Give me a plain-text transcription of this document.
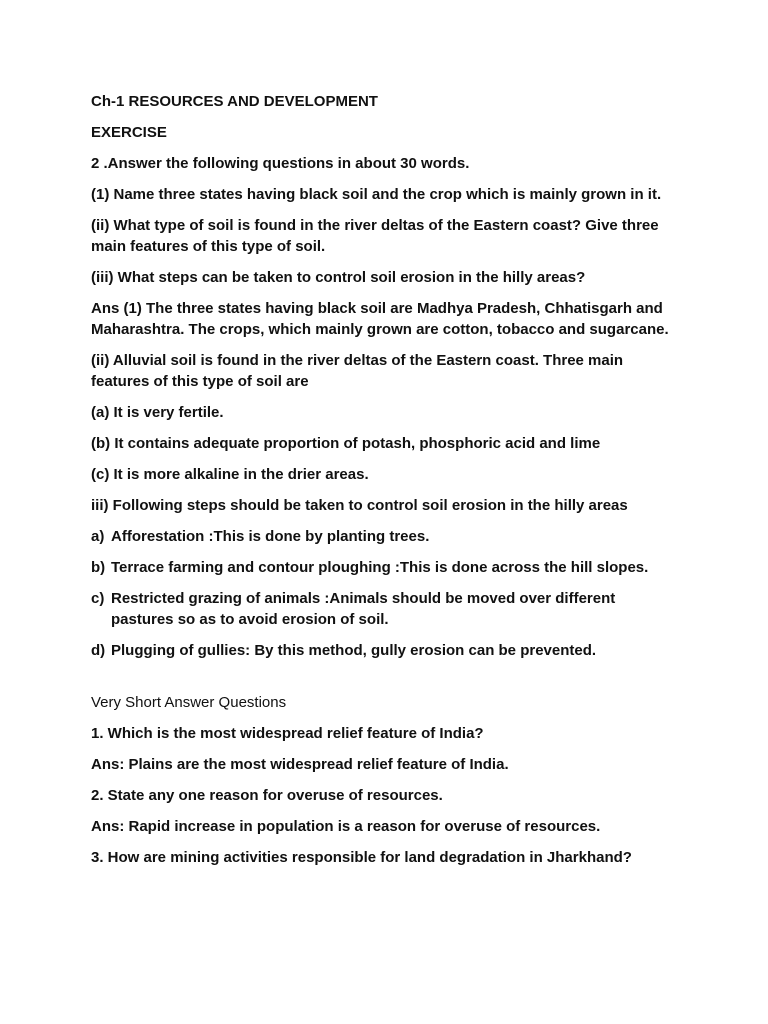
Ch-1 RESOURCES AND DEVELOPMENT
EXERCISE
2 .Answer the following questions in about 30 words.
(1) Name three states having black soil and the crop which is mainly grown in it.
(ii) What type of soil is found in the river deltas of the Eastern coast? Give three
main features of this type of soil.
(iii) What steps can be taken to control soil erosion in the hilly areas?
Ans (1) The three states having black soil are Madhya Pradesh, Chhatisgarh and
Maharashtra. The crops, which mainly grown are cotton, tobacco and sugarcane.
(ii) Alluvial soil is found in the river deltas of the Eastern coast. Three main
features of this type of soil are
(a) It is very fertile.
(b) It contains adequate proportion of potash, phosphoric acid and lime
(c) It is more alkaline in the drier areas.
iii) Following steps should be taken to control soil erosion in the hilly areas
a) Afforestation :This is done by planting trees.
b) Terrace farming and contour ploughing :This is done across the hill slopes.
c) Restricted grazing of animals :Animals should be moved over different
pastures so as to avoid erosion of soil.
d) Plugging of gullies: By this method, gully erosion can be prevented.
Very Short Answer Questions
1. Which is the most widespread relief feature of India?
Ans: Plains are the most widespread relief feature of India.
2. State any one reason for overuse of resources.
Ans: Rapid increase in population is a reason for overuse of resources.
3. How are mining activities responsible for land degradation in Jharkhand?
